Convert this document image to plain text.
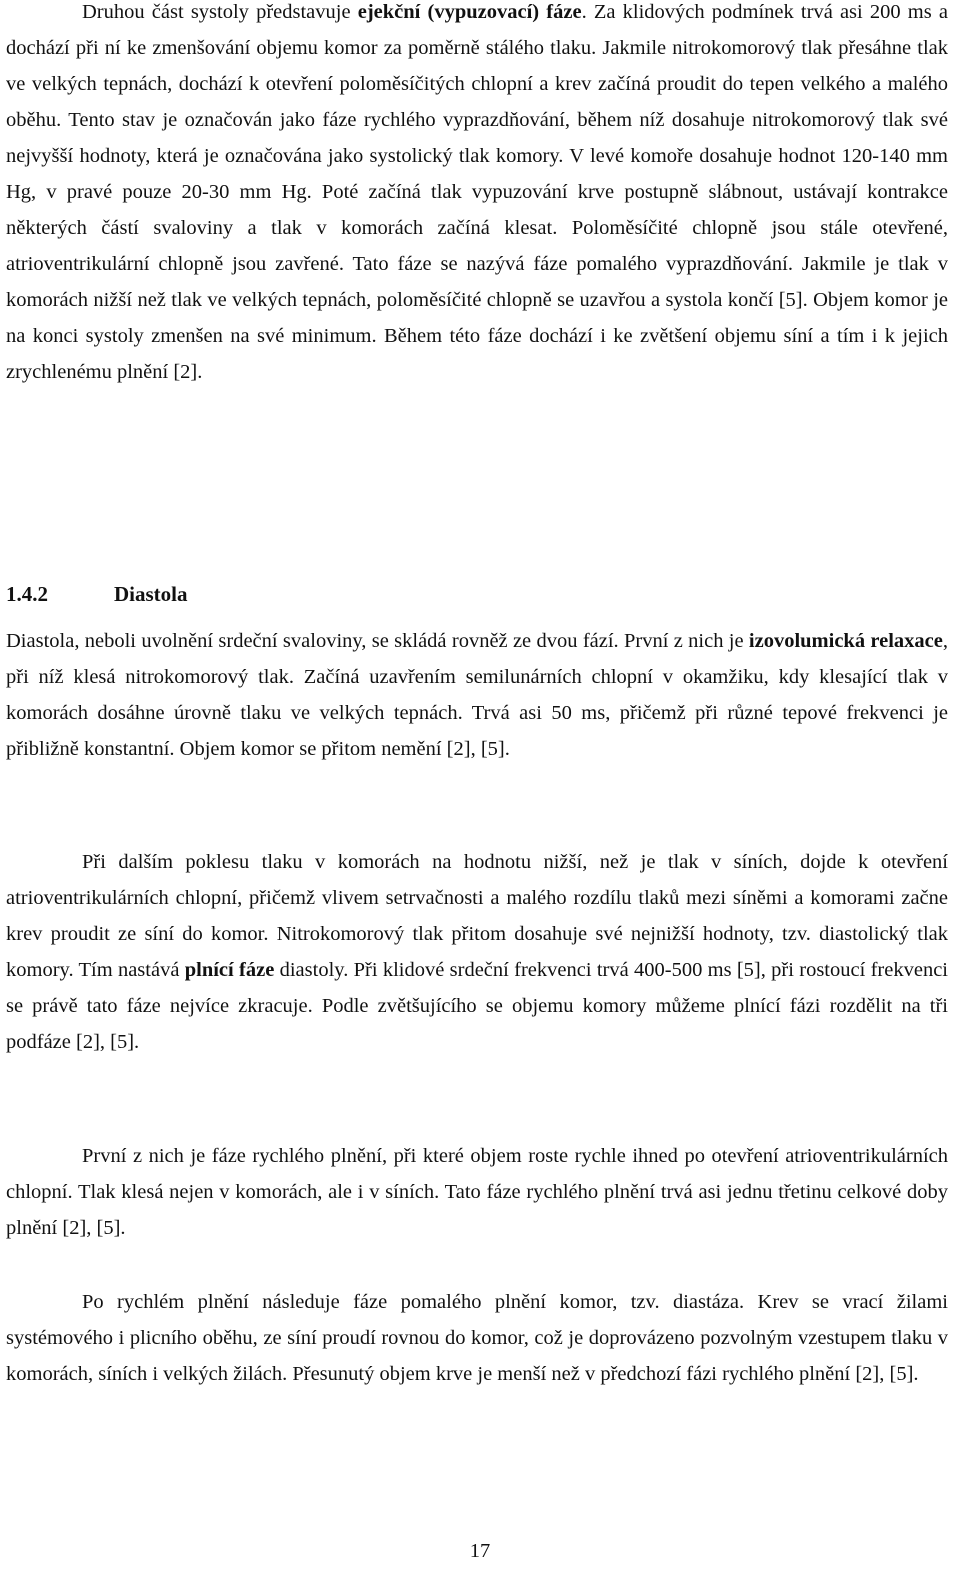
Druhou část systoly představuje ejekční (vypuzovací) fáze. Za klidových podmínek trvá asi 200 ms a dochází při ní ke zmenšování objemu komor za poměrně stálého tlaku. Jakmile nitrokomorový tlak přesáhne tlak ve velkých tepnách, dochází k otevření poloměsíčitých chlopní a krev začíná proudit do tepen velkého a malého oběhu. Tento stav je označován jako fáze rychlého vyprazdňování, během níž dosahuje nitrokomorový tlak své nejvyšší hodnoty, která je označována jako systolický tlak komory. V levé komoře dosahuje hodnot 120-140 mm Hg, v pravé pouze 20-30 mm Hg. Poté začíná tlak vypuzování krve postupně slábnout, ustávají kontrakce některých částí svaloviny a tlak v komorách začíná klesat. Poloměsíčité chlopně jsou stále otevřené, atrioventrikulární chlopně jsou zavřené. Tato fáze se nazývá fáze pomalého vyprazdňování. Jakmile je tlak v komorách nižší než tlak ve velkých tepnách, poloměsíčité chlopně se uzavřou a systola končí [5]. Objem komor je na konci systoly zmenšen na své minimum. Během této fáze dochází i ke zvětšení objemu síní a tím i k jejich zrychlenému plnění [2].

1.4.2	Diastola

Diastola, neboli uvolnění srdeční svaloviny, se skládá rovněž ze dvou fází. První z nich je izovolumická relaxace, při níž klesá nitrokomorový tlak. Začíná uzavřením semilunárních chlopní v okamžiku, kdy klesající tlak v komorách dosáhne úrovně tlaku ve velkých tepnách. Trvá asi 50 ms, přičemž při různé tepové frekvenci je přibližně konstantní. Objem komor se přitom nemění [2], [5].

Při dalším poklesu tlaku v komorách na hodnotu nižší, než je tlak v síních, dojde k otevření atrioventrikulárních chlopní, přičemž vlivem setrvačnosti a malého rozdílu tlaků mezi síněmi a komorami začne krev proudit ze síní do komor. Nitrokomorový tlak přitom dosahuje své nejnižší hodnoty, tzv. diastolický tlak komory. Tím nastává plnící fáze diastoly. Při klidové srdeční frekvenci trvá 400-500 ms [5], při rostoucí frekvenci se právě tato fáze nejvíce zkracuje. Podle zvětšujícího se objemu komory můžeme plnící fázi rozdělit na tři podfáze [2], [5].

První z nich je fáze rychlého plnění, při které objem roste rychle ihned po otevření atrioventrikulárních chlopní. Tlak klesá nejen v komorách, ale i v síních. Tato fáze rychlého plnění trvá asi jednu třetinu celkové doby plnění [2], [5].

Po rychlém plnění následuje fáze pomalého plnění komor, tzv. diastáza. Krev se vrací žilami systémového i plicního oběhu, ze síní proudí rovnou do komor, což je doprovázeno pozvolným vzestupem tlaku v komorách, síních i velkých žilách. Přesunutý objem krve je menší než v předchozí fázi rychlého plnění [2], [5].

17
